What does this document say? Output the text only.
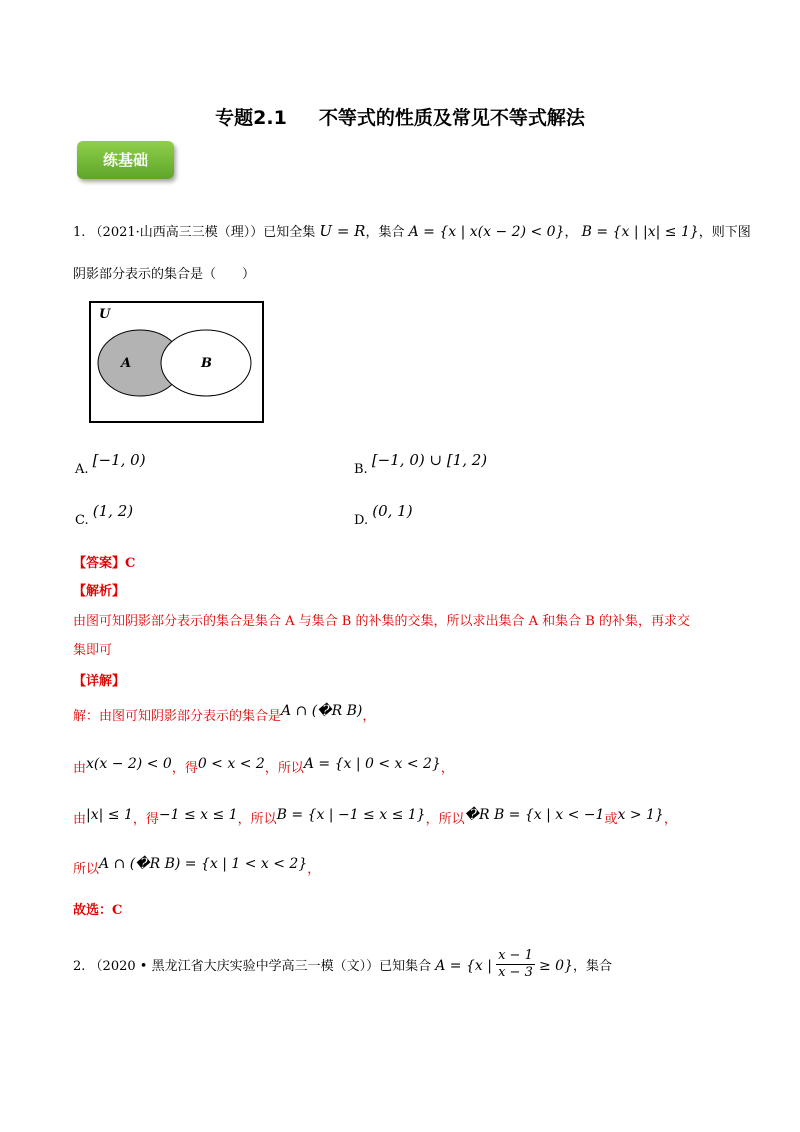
专题2.1 不等式的性质及常见不等式解法
练基础
1. （2021·山西高三三模（理））已知全集 U = R，集合 A = {x | x(x − 2) < 0}， B = {x | |x| ≤ 1}，则下图
阴影部分表示的集合是（　　）
U
A	B
A. [−1, 0)
B. [−1, 0) ∪ [1, 2)
C. (1, 2)
D. (0, 1)
【答案】C
【解析】
由图可知阴影部分表示的集合是集合 A 与集合 B 的补集的交集，所以求出集合 A 和集合 B 的补集，再求交
集即可
【详解】
解：由图可知阴影部分表示的集合是A ∩ (�R B)，
由x(x − 2) < 0，得0 < x < 2，所以A = {x | 0 < x < 2}，
由|x| ≤ 1，得−1 ≤ x ≤ 1，所以B = {x | −1 ≤ x ≤ 1}，所以�R B = {x | x < −1或x > 1}，
所以A ∩ (�R B) = {x | 1 < x < 2}，
故选：C
2. （2020 • 黑龙江省大庆实验中学高三一模（文））已知集合 A = {x | $\frac{x - 1}{x - 3} \ge 0$}，集合
